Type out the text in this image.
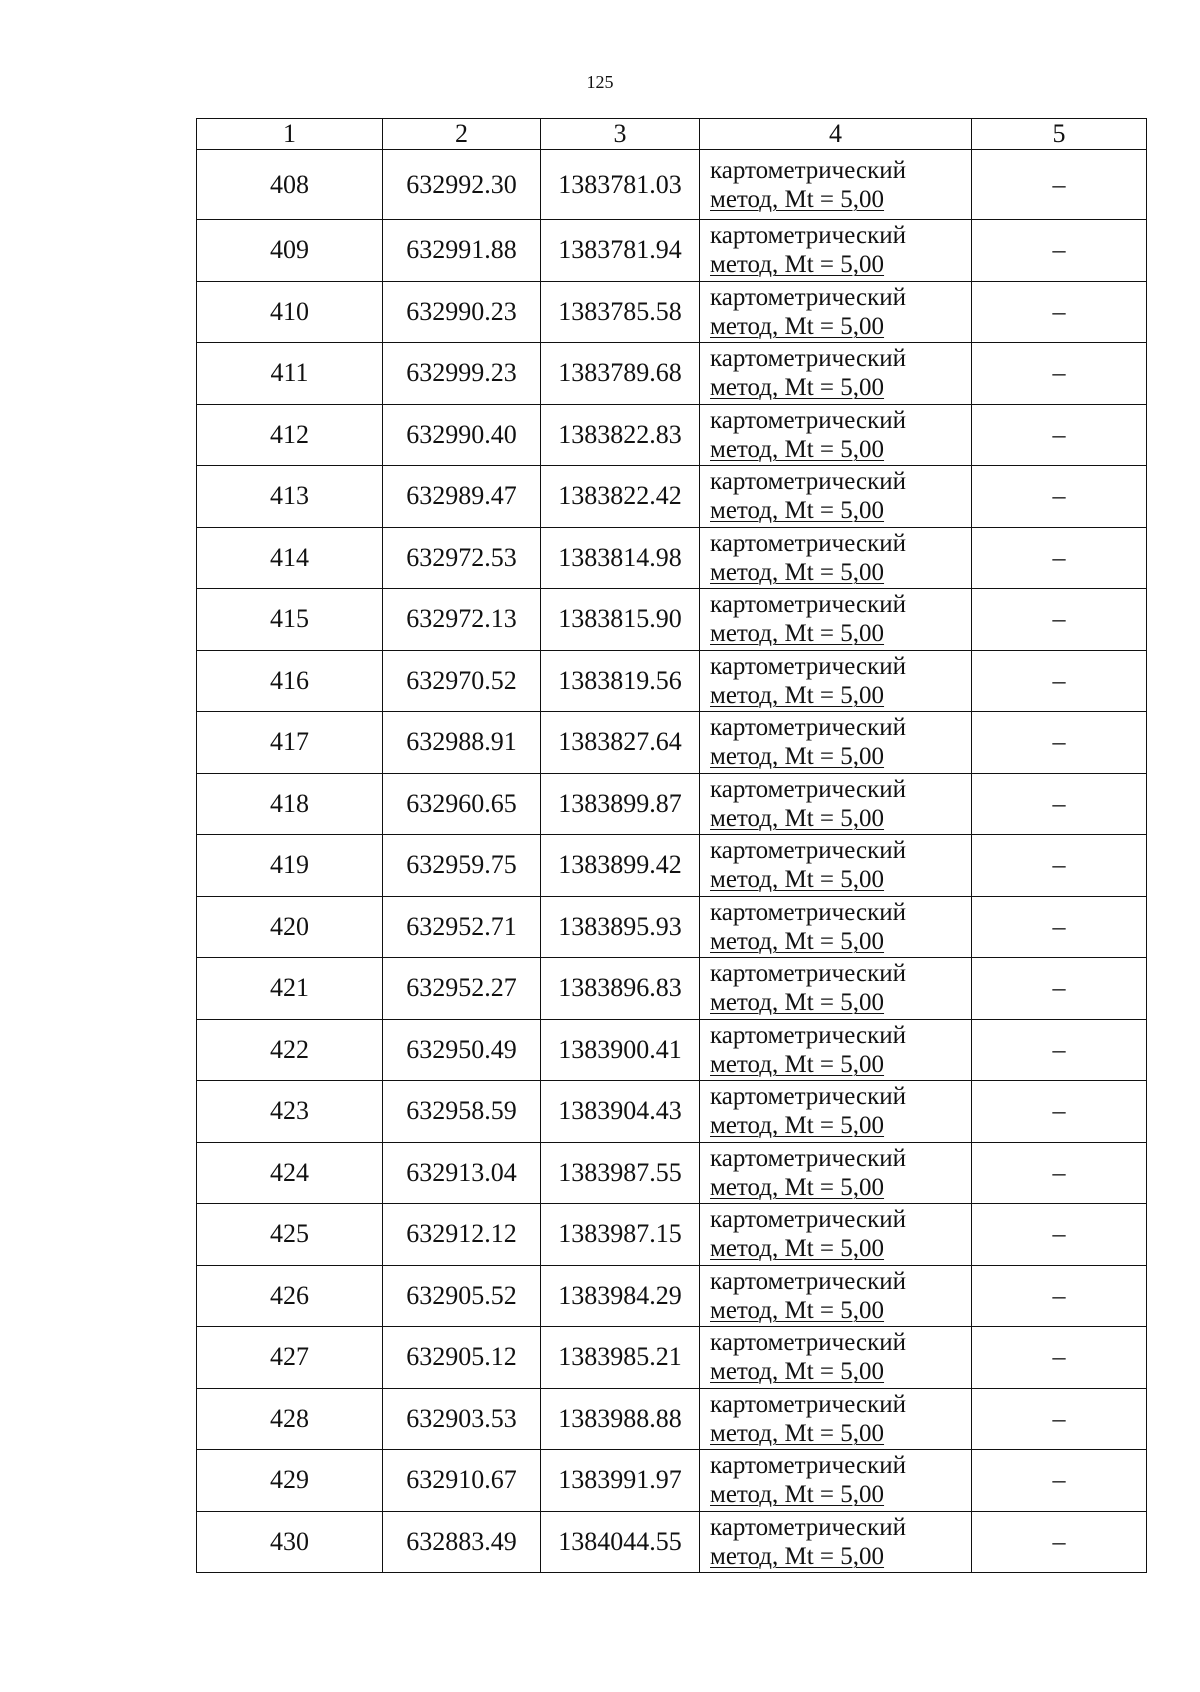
125
1	2	3	4	5
408	632992.30	1383781.03	картометрический
метод, Mt = 5,00	–
409	632991.88	1383781.94	картометрический
метод, Mt = 5,00	–
410	632990.23	1383785.58	картометрический
метод, Mt = 5,00	–
411	632999.23	1383789.68	картометрический
метод, Mt = 5,00	–
412	632990.40	1383822.83	картометрический
метод, Mt = 5,00	–
413	632989.47	1383822.42	картометрический
метод, Mt = 5,00	–
414	632972.53	1383814.98	картометрический
метод, Mt = 5,00	–
415	632972.13	1383815.90	картометрический
метод, Mt = 5,00	–
416	632970.52	1383819.56	картометрический
метод, Mt = 5,00	–
417	632988.91	1383827.64	картометрический
метод, Mt = 5,00	–
418	632960.65	1383899.87	картометрический
метод, Mt = 5,00	–
419	632959.75	1383899.42	картометрический
метод, Mt = 5,00	–
420	632952.71	1383895.93	картометрический
метод, Mt = 5,00	–
421	632952.27	1383896.83	картометрический
метод, Mt = 5,00	–
422	632950.49	1383900.41	картометрический
метод, Mt = 5,00	–
423	632958.59	1383904.43	картометрический
метод, Mt = 5,00	–
424	632913.04	1383987.55	картометрический
метод, Mt = 5,00	–
425	632912.12	1383987.15	картометрический
метод, Mt = 5,00	–
426	632905.52	1383984.29	картометрический
метод, Mt = 5,00	–
427	632905.12	1383985.21	картометрический
метод, Mt = 5,00	–
428	632903.53	1383988.88	картометрический
метод, Mt = 5,00	–
429	632910.67	1383991.97	картометрический
метод, Mt = 5,00	–
430	632883.49	1384044.55	картометрический
метод, Mt = 5,00	–
